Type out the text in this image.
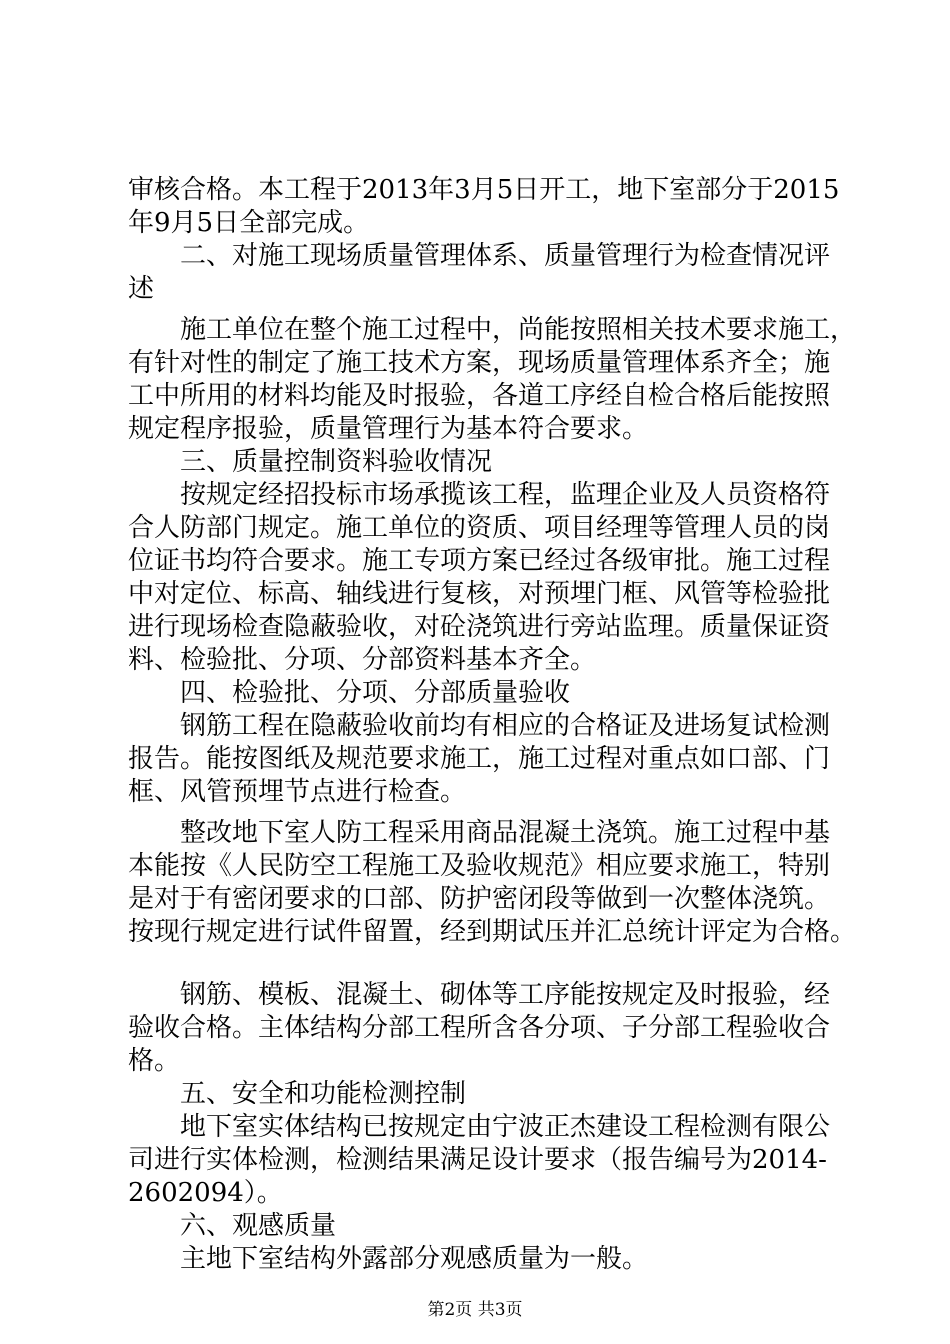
审核合格。本工程于2013年3月5日开工，地下室部分于2015
年9月5日全部完成。
二、对施工现场质量管理体系、质量管理行为检查情况评
述
施工单位在整个施工过程中，尚能按照相关技术要求施工，
有针对性的制定了施工技术方案，现场质量管理体系齐全；施
工中所用的材料均能及时报验，各道工序经自检合格后能按照
规定程序报验，质量管理行为基本符合要求。
三、质量控制资料验收情况
按规定经招投标市场承揽该工程，监理企业及人员资格符
合人防部门规定。施工单位的资质、项目经理等管理人员的岗
位证书均符合要求。施工专项方案已经过各级审批。施工过程
中对定位、标高、轴线进行复核，对预埋门框、风管等检验批
进行现场检查隐蔽验收，对砼浇筑进行旁站监理。质量保证资
料、检验批、分项、分部资料基本齐全。
四、检验批、分项、分部质量验收
钢筋工程在隐蔽验收前均有相应的合格证及进场复试检测
报告。能按图纸及规范要求施工，施工过程对重点如口部、门
框、风管预埋节点进行检查。
整改地下室人防工程采用商品混凝土浇筑。施工过程中基
本能按《人民防空工程施工及验收规范》相应要求施工，特别
是对于有密闭要求的口部、防护密闭段等做到一次整体浇筑。
按现行规定进行试件留置，经到期试压并汇总统计评定为合格。
钢筋、模板、混凝土、砌体等工序能按规定及时报验，经
验收合格。主体结构分部工程所含各分项、子分部工程验收合
格。
五、安全和功能检测控制
地下室实体结构已按规定由宁波正杰建设工程检测有限公
司进行实体检测，检测结果满足设计要求（报告编号为2014-
2602094）。
六、观感质量
主地下室结构外露部分观感质量为一般。
第2页 共3页
